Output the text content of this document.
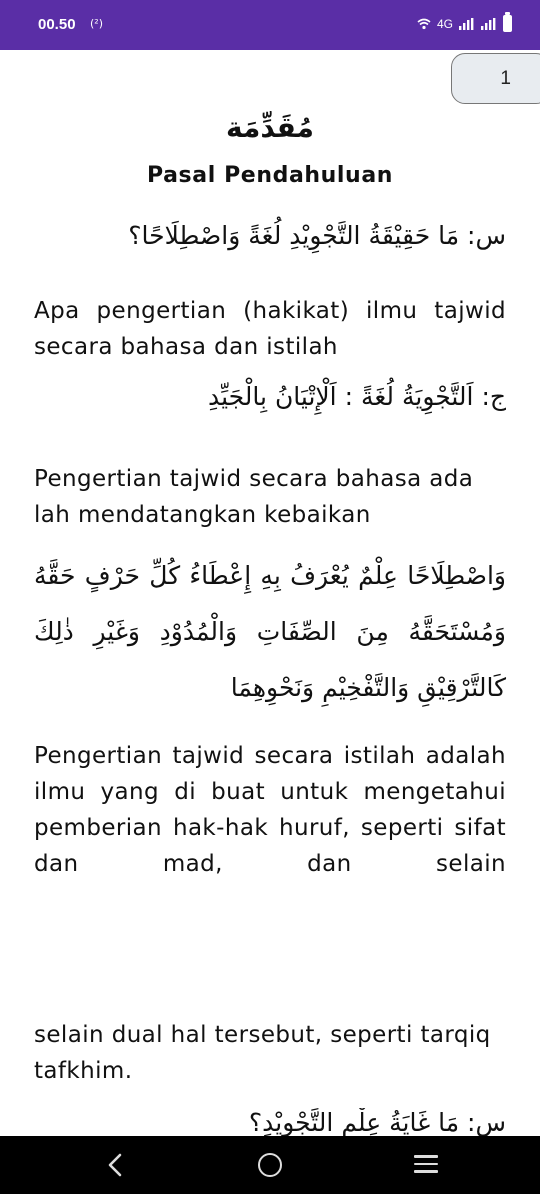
00.50 (²)	4G
1
مُقَدِّمَة
Pasal Pendahuluan
س: مَا حَقِيْقَةُ التَّجْوِيْدِ لُغَةً وَاصْطِلَاحًا؟
Apa pengertian (hakikat) ilmu tajwid secara bahasa dan istilah
ج: اَلتَّجْوِيَةُ لُغَةً : اَلْإِتْيَانُ بِالْجَيِّدِ
Pengertian tajwid secara bahasa ada lah mendatangkan kebaikan
وَاصْطِلَاحًا عِلْمٌ يُعْرَفُ بِهِ إِعْطَاءُ كُلِّ حَرْفٍ حَقَّهُ وَمُسْتَحَقَّهُ مِنَ الصِّفَاتِ وَالْمُدُوْدِ وَغَيْرِ ذٰلِكَ كَالتَّرْقِيْقِ وَالتَّفْخِيْمِ وَنَحْوِهِمَا
Pengertian tajwid secara istilah adalah ilmu yang di buat untuk mengetahui pemberian hak-hak huruf, seperti sifat dan mad, dan selain
selain dual hal tersebut, seperti tarqiq tafkhim.
س: مَا غَايَةُ عِلْمِ التَّجْوِيْدِ؟
